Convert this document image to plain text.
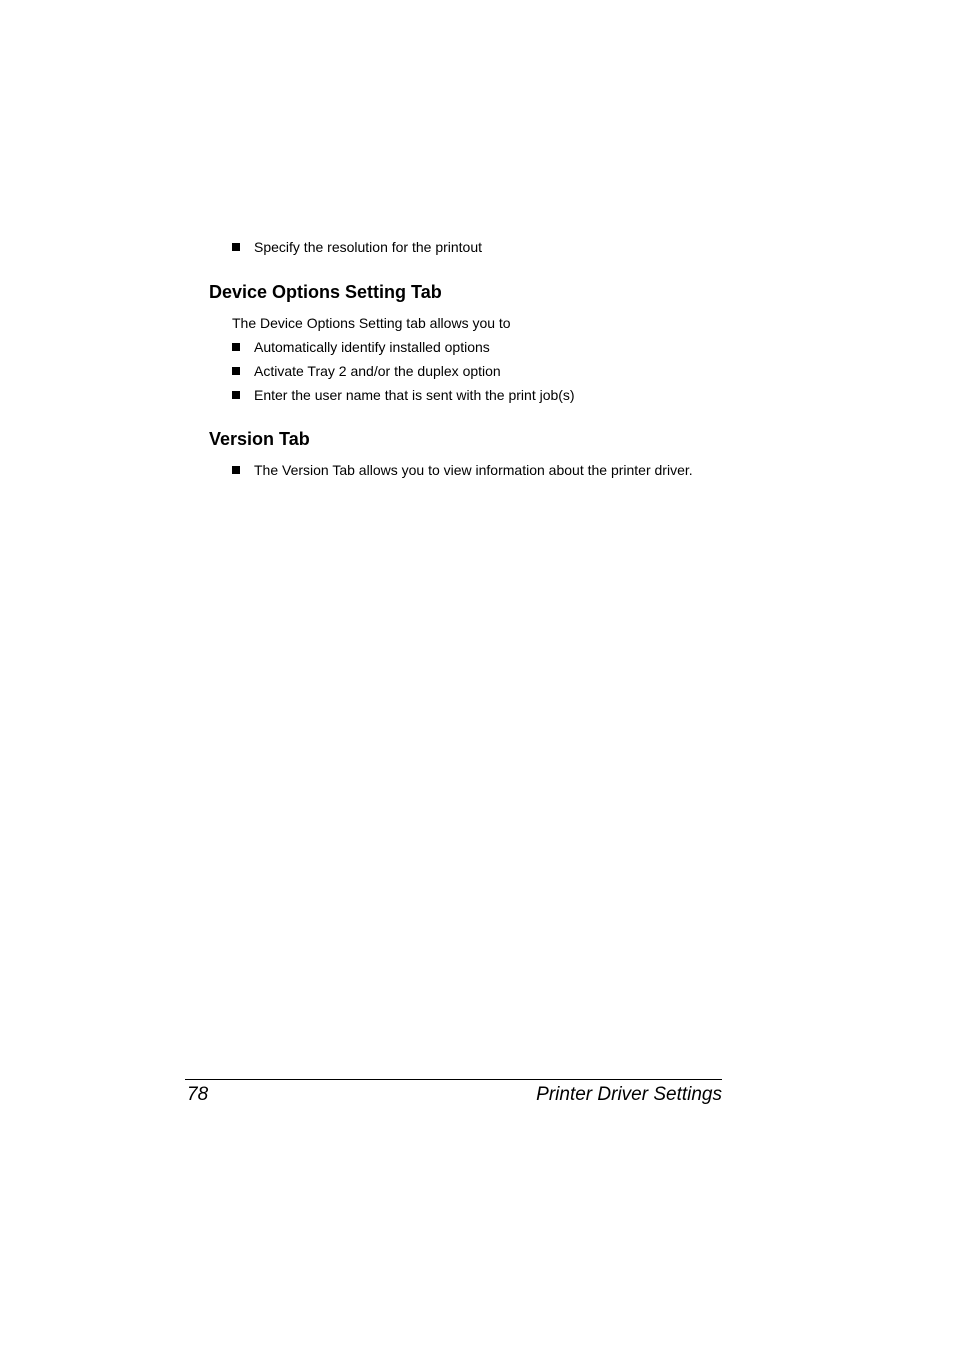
Specify the resolution for the printout
Device Options Setting Tab
The Device Options Setting tab allows you to
Automatically identify installed options
Activate Tray 2 and/or the duplex option
Enter the user name that is sent with the print job(s)
Version Tab
The Version Tab allows you to view information about the printer driver.
78	Printer Driver Settings
